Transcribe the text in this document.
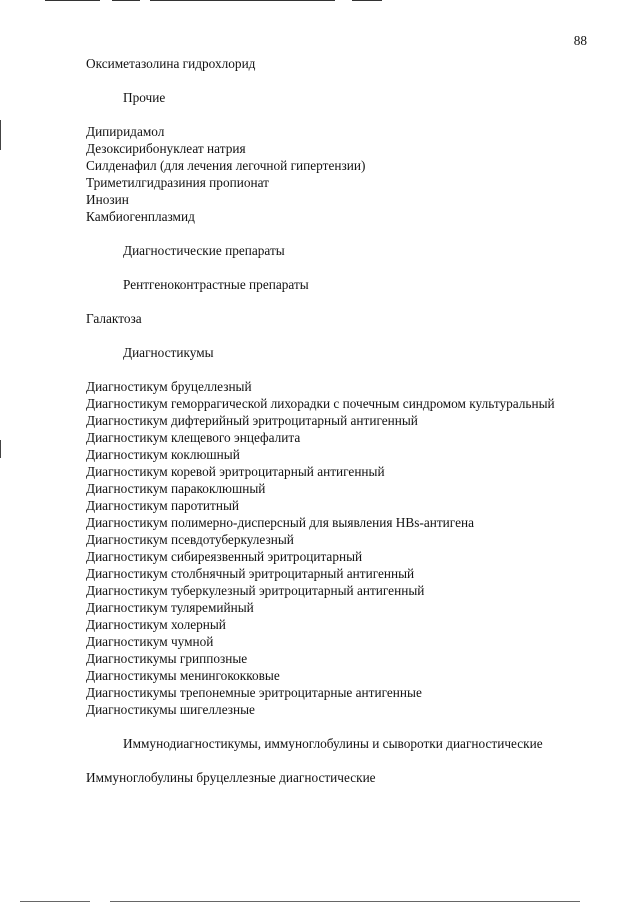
88
Оксиметазолина гидрохлорид
Прочие
Дипиридамол
Дезоксирибонуклеат натрия
Силденафил (для лечения легочной гипертензии)
Триметилгидразиния пропионат
Инозин
Камбиогенплазмид
Диагностические препараты
Рентгеноконтрастные препараты
Галактоза
Диагностикумы
Диагностикум бруцеллезный
Диагностикум геморрагической лихорадки с почечным синдромом культуральный
Диагностикум дифтерийный эритроцитарный антигенный
Диагностикум клещевого энцефалита
Диагностикум коклюшный
Диагностикум коревой эритроцитарный антигенный
Диагностикум паракоклюшный
Диагностикум паротитный
Диагностикум полимерно-дисперсный для выявления HBs-антигена
Диагностикум псевдотуберкулезный
Диагностикум сибиреязвенный эритроцитарный
Диагностикум столбнячный эритроцитарный антигенный
Диагностикум туберкулезный эритроцитарный антигенный
Диагностикум туляремийный
Диагностикум холерный
Диагностикум чумной
Диагностикумы гриппозные
Диагностикумы менингококковые
Диагностикумы трепонемные эритроцитарные антигенные
Диагностикумы шигеллезные
Иммунодиагностикумы, иммуноглобулины и сыворотки диагностические
Иммуноглобулины бруцеллезные диагностические
